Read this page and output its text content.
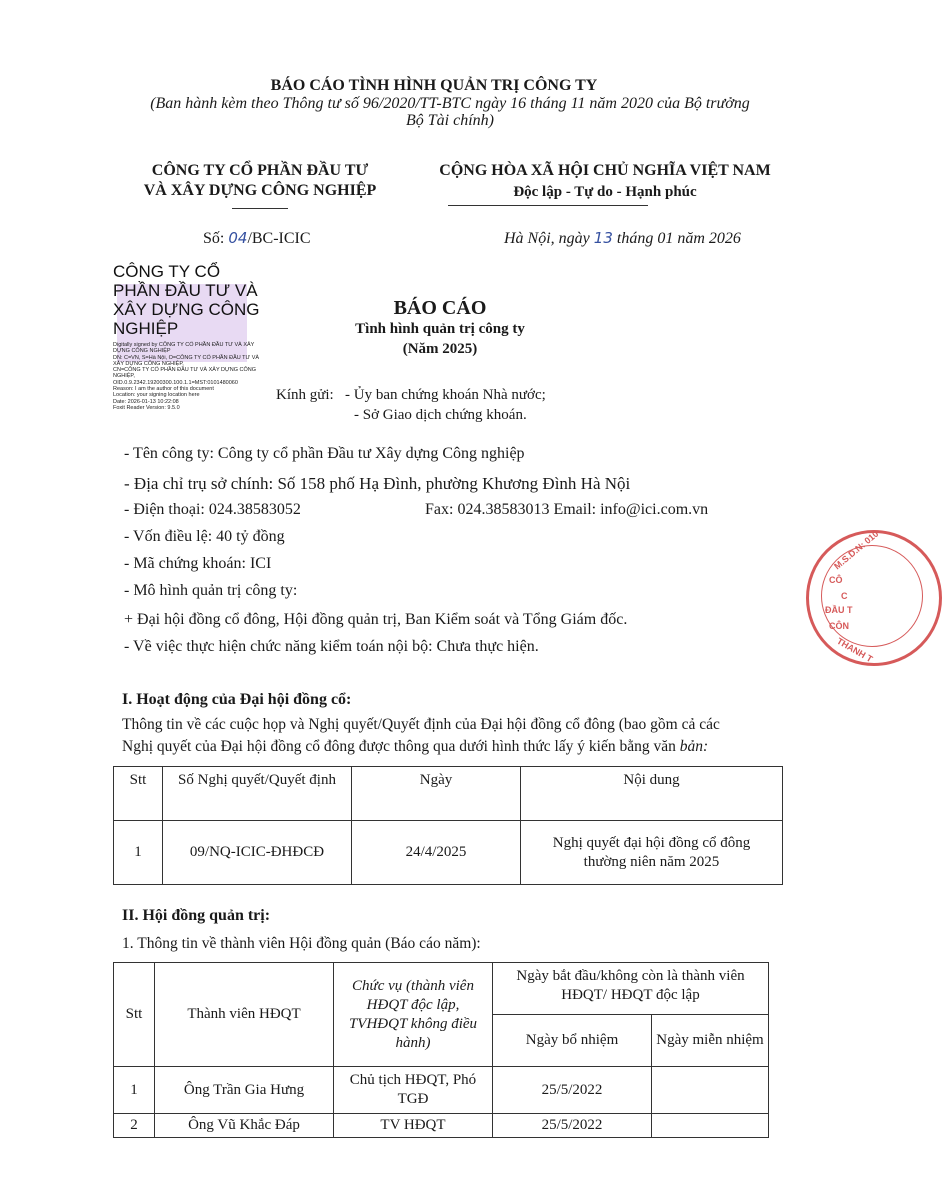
BÁO CÁO TÌNH HÌNH QUẢN TRỊ CÔNG TY
(Ban hành kèm theo Thông tư số 96/2020/TT-BTC ngày 16 tháng 11 năm 2020 của Bộ trưởng
Bộ Tài chính)
CÔNG TY CỔ PHẦN ĐẦU TƯ
VÀ XÂY DỰNG CÔNG NGHIỆP
Số: 04/BC-ICIC
CỘNG HÒA XÃ HỘI CHỦ NGHĨA VIỆT NAM
Độc lập - Tự do - Hạnh phúc
Hà Nội, ngày 13 tháng 01 năm 2026
CÔNG TY CỔ PHẦN ĐẦU TƯ VÀ XÂY DỰNG CÔNG NGHIỆP
Digitally signed by CÔNG TY CỔ PHẦN ĐẦU TƯ VÀ XÂY DỰNG CÔNG NGHIỆP
DN: C=VN, S=Hà Nội, O=CÔNG TY CỔ PHẦN ĐẦU TƯ VÀ XÂY DỰNG CÔNG NGHIỆP,
CN=CÔNG TY CỔ PHẦN ĐẦU TƯ VÀ XÂY DỰNG CÔNG NGHIỆP,
OID.0.9.2342.19200300.100.1.1=MST:0101480060
Reason: I am the author of this document
Location: your signing location here
Date: 2026-01-13 10:22:08
Foxit Reader Version: 9.5.0
BÁO CÁO
Tình hình quản trị công ty
(Năm 2025)
Kính gửi: - Ủy ban chứng khoán Nhà nước;
- Sở Giao dịch chứng khoán.
- Tên công ty: Công ty cổ phần Đầu tư Xây dựng Công nghiệp
- Địa chỉ trụ sở chính: Số 158 phố Hạ Đình, phường Khương Đình Hà Nội
- Điện thoại: 024.38583052	Fax: 024.38583013 Email: info@ici.com.vn
- Vốn điều lệ: 40 tỷ đồng
- Mã chứng khoán: ICI
- Mô hình quản trị công ty:
+ Đại hội đồng cổ đông, Hội đồng quản trị, Ban Kiểm soát và Tổng Giám đốc.
- Về việc thực hiện chức năng kiểm toán nội bộ: Chưa thực hiện.
M.S.D.N: 010
CÔ
C
ĐẦU T
CÔN
THANH T
I. Hoạt động của Đại hội đồng cổ:
Thông tin về các cuộc họp và Nghị quyết/Quyết định của Đại hội đồng cổ đông (bao gồm cả các
Nghị quyết của Đại hội đồng cổ đông được thông qua dưới hình thức lấy ý kiến bằng văn bản:
Stt	Số Nghị quyết/Quyết định	Ngày	Nội dung
1	09/NQ-ICIC-ĐHĐCĐ	24/4/2025	Nghị quyết đại hội đồng cổ đông thường niên năm 2025
II. Hội đồng quản trị:
1. Thông tin về thành viên Hội đồng quản (Báo cáo năm):
Stt	Thành viên HĐQT	Chức vụ (thành viên HĐQT độc lập, TVHĐQT không điều hành)	Ngày bắt đầu/không còn là thành viên HĐQT/ HĐQT độc lập	
			Ngày bổ nhiệm	Ngày miễn nhiệm
1	Ông Trần Gia Hưng	Chủ tịch HĐQT, Phó TGĐ	25/5/2022	
2	Ông Vũ Khắc Đáp	TV HĐQT	25/5/2022	
